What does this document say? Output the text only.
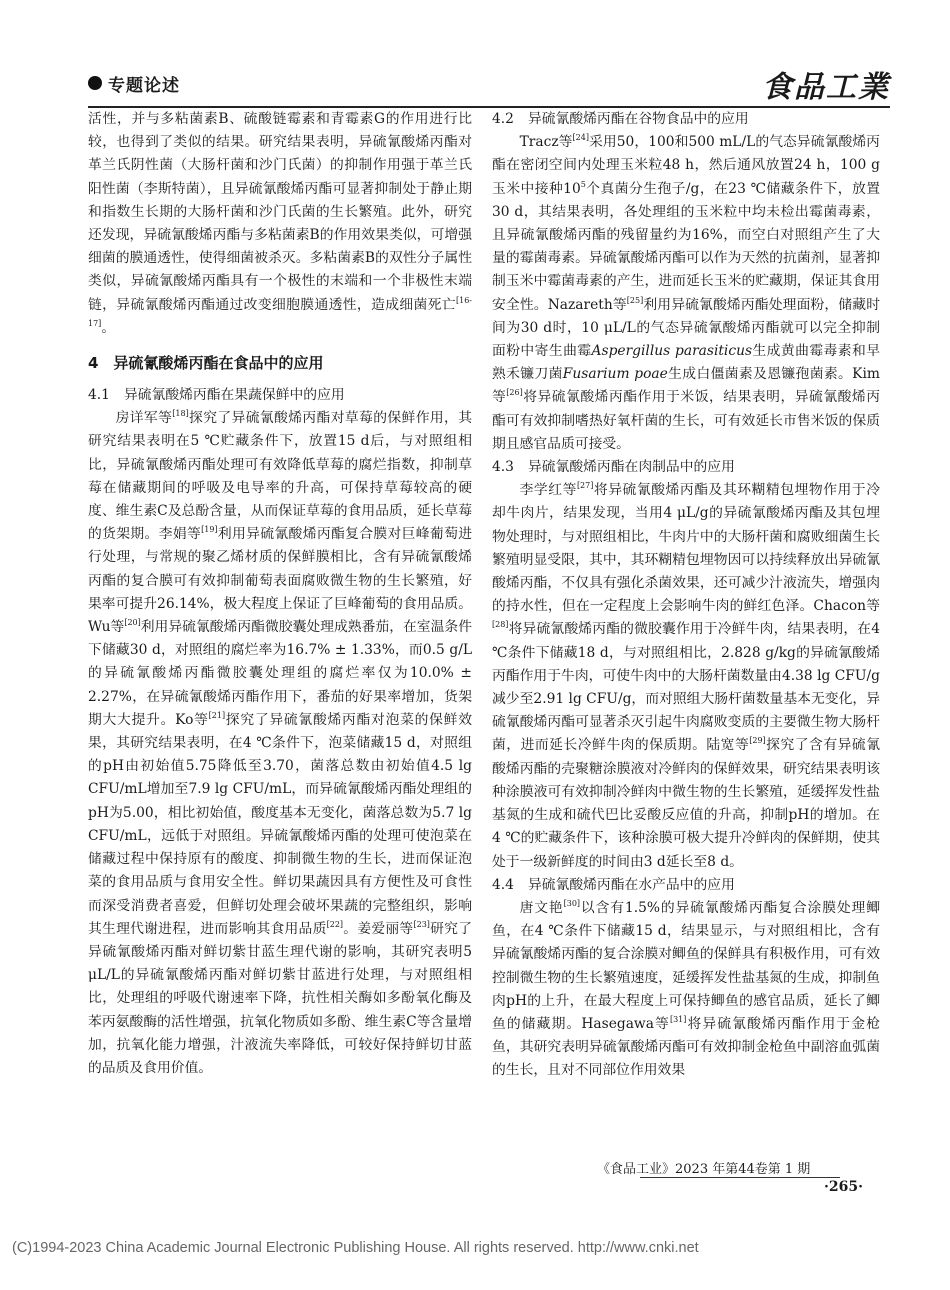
专题论述	食品工業

活性，并与多粘菌素B、硫酸链霉素和青霉素G的作用进行比较，也得到了类似的结果。研究结果表明，异硫氰酸烯丙酯对革兰氏阴性菌（大肠杆菌和沙门氏菌）的抑制作用强于革兰氏阳性菌（李斯特菌），且异硫氰酸烯丙酯可显著抑制处于静止期和指数生长期的大肠杆菌和沙门氏菌的生长繁殖。此外，研究还发现，异硫氰酸烯丙酯与多粘菌素B的作用效果类似，可增强细菌的膜通透性，使得细菌被杀灭。多粘菌素B的双性分子属性类似，异硫氰酸烯丙酯具有一个极性的末端和一个非极性末端链，异硫氰酸烯丙酯通过改变细胞膜通透性，造成细菌死亡[16-17]。

4　异硫氰酸烯丙酯在食品中的应用
4.1 异硫氰酸烯丙酯在果蔬保鲜中的应用

房详军等[18]探究了异硫氰酸烯丙酯对草莓的保鲜作用，其研究结果表明在5 ℃贮藏条件下，放置15 d后，与对照组相比，异硫氰酸烯丙酯处理可有效降低草莓的腐烂指数，抑制草莓在储藏期间的呼吸及电导率的升高，可保持草莓较高的硬度、维生素C及总酚含量，从而保证草莓的食用品质，延长草莓的货架期。李娟等[19]利用异硫氰酸烯丙酯复合膜对巨峰葡萄进行处理，与常规的聚乙烯材质的保鲜膜相比，含有异硫氰酸烯丙酯的复合膜可有效抑制葡萄表面腐败微生物的生长繁殖，好果率可提升26.14%，极大程度上保证了巨峰葡萄的食用品质。Wu等[20]利用异硫氰酸烯丙酯微胶囊处理成熟番茄，在室温条件下储藏30 d，对照组的腐烂率为16.7% ± 1.33%，而0.5 g/L的异硫氰酸烯丙酯微胶囊处理组的腐烂率仅为10.0% ± 2.27%，在异硫氰酸烯丙酯作用下，番茄的好果率增加，货架期大大提升。Ko等[21]探究了异硫氰酸烯丙酯对泡菜的保鲜效果，其研究结果表明，在4 ℃条件下，泡菜储藏15 d，对照组的pH由初始值5.75降低至3.70，菌落总数由初始值4.5 lg CFU/mL增加至7.9 lg CFU/mL，而异硫氰酸烯丙酯处理组的pH为5.00，相比初始值，酸度基本无变化，菌落总数为5.7 lg CFU/mL，远低于对照组。异硫氰酸烯丙酯的处理可使泡菜在储藏过程中保持原有的酸度、抑制微生物的生长，进而保证泡菜的食用品质与食用安全性。鲜切果蔬因具有方便性及可食性而深受消费者喜爱，但鲜切处理会破坏果蔬的完整组织，影响其生理代谢进程，进而影响其食用品质[22]。姜爱丽等[23]研究了异硫氰酸烯丙酯对鲜切紫甘蓝生理代谢的影响，其研究表明5 μL/L的异硫氰酸烯丙酯对鲜切紫甘蓝进行处理，与对照组相比，处理组的呼吸代谢速率下降，抗性相关酶如多酚氧化酶及苯丙氨酸酶的活性增强，抗氧化物质如多酚、维生素C等含量增加，抗氧化能力增强，汁液流失率降低，可较好保持鲜切甘蓝的品质及食用价值。

4.2 异硫氰酸烯丙酯在谷物食品中的应用

Tracz等[24]采用50，100和500 mL/L的气态异硫氰酸烯丙酯在密闭空间内处理玉米粒48 h，然后通风放置24 h，100 g玉米中接种$10^5$个真菌分生孢子/g，在23 ℃储藏条件下，放置30 d，其结果表明，各处理组的玉米粒中均未检出霉菌毒素，且异硫氰酸烯丙酯的残留量约为16%，而空白对照组产生了大量的霉菌毒素。异硫氰酸烯丙酯可以作为天然的抗菌剂，显著抑制玉米中霉菌毒素的产生，进而延长玉米的贮藏期，保证其食用安全性。Nazareth等[25]利用异硫氰酸烯丙酯处理面粉，储藏时间为30 d时，10 μL/L的气态异硫氰酸烯丙酯就可以完全抑制面粉中寄生曲霉Aspergillus parasiticus生成黄曲霉毒素和早熟禾镰刀菌Fusarium poae生成白僵菌素及恩镰孢菌素。Kim等[26]将异硫氰酸烯丙酯作用于米饭，结果表明，异硫氰酸烯丙酯可有效抑制嗜热好氧杆菌的生长，可有效延长市售米饭的保质期且感官品质可接受。

4.3 异硫氰酸烯丙酯在肉制品中的应用

李学红等[27]将异硫氰酸烯丙酯及其环糊精包埋物作用于冷却牛肉片，结果发现，当用4 μL/g的异硫氰酸烯丙酯及其包埋物处理时，与对照组相比，牛肉片中的大肠杆菌和腐败细菌生长繁殖明显受限，其中，其环糊精包埋物因可以持续释放出异硫氰酸烯丙酯，不仅具有强化杀菌效果，还可减少汁液流失，增强肉的持水性，但在一定程度上会影响牛肉的鲜红色泽。Chacon等[28]将异硫氰酸烯丙酯的微胶囊作用于冷鲜牛肉，结果表明，在4 ℃条件下储藏18 d，与对照组相比，2.828 g/kg的异硫氰酸烯丙酯作用于牛肉，可使牛肉中的大肠杆菌数量由4.38 lg CFU/g减少至2.91 lg CFU/g，而对照组大肠杆菌数量基本无变化，异硫氰酸烯丙酯可显著杀灭引起牛肉腐败变质的主要微生物大肠杆菌，进而延长冷鲜牛肉的保质期。陆宽等[29]探究了含有异硫氰酸烯丙酯的壳聚糖涂膜液对冷鲜肉的保鲜效果，研究结果表明该种涂膜液可有效抑制冷鲜肉中微生物的生长繁殖，延缓挥发性盐基氮的生成和硫代巴比妥酸反应值的升高，抑制pH的增加。在4 ℃的贮藏条件下，该种涂膜可极大提升冷鲜肉的保鲜期，使其处于一级新鲜度的时间由3 d延长至8 d。

4.4 异硫氰酸烯丙酯在水产品中的应用

唐文艳[30]以含有1.5%的异硫氰酸烯丙酯复合涂膜处理鲫鱼，在4 ℃条件下储藏15 d，结果显示，与对照组相比，含有异硫氰酸烯丙酯的复合涂膜对鲫鱼的保鲜具有积极作用，可有效控制微生物的生长繁殖速度，延缓挥发性盐基氮的生成，抑制鱼肉pH的上升，在最大程度上可保持鲫鱼的感官品质，延长了鲫鱼的储藏期。Hasegawa等[31]将异硫氰酸烯丙酯作用于金枪鱼，其研究表明异硫氰酸烯丙酯可有效抑制金枪鱼中副溶血弧菌的生长，且对不同部位作用效果

《食品工业》2023 年第44卷第 1 期
·265·
(C)1994-2023 China Academic Journal Electronic Publishing House. All rights reserved. http://www.cnki.net
